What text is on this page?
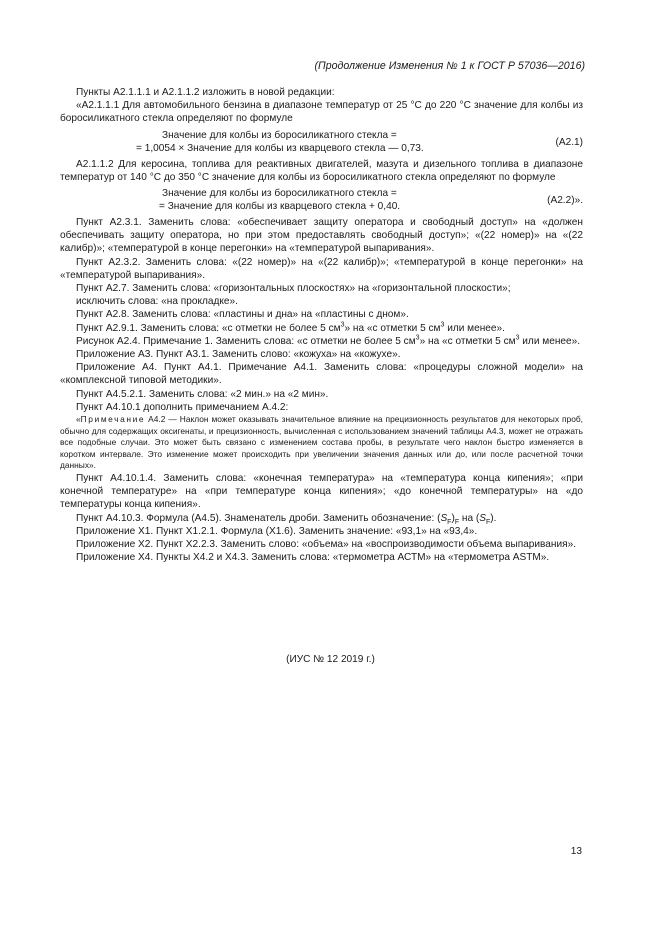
(Продолжение Изменения № 1 к ГОСТ Р 57036—2016)

Пункты А2.1.1.1 и А2.1.1.2 изложить в новой редакции:

«А2.1.1.1 Для автомобильного бензина в диапазоне температур от 25 °С до 220 °С значение для колбы из боросиликатного стекла определяют по формуле

Значение для колбы из боросиликатного стекла =
= 1,0054 × Значение для колбы из кварцевого стекла — 0,73.
(А2.1)

А2.1.1.2 Для керосина, топлива для реактивных двигателей, мазута и дизельного топлива в диапазоне температур от 140 °С до 350 °С значение для колбы из боросиликатного стекла определяют по формуле

Значение для колбы из боросиликатного стекла =
= Значение для колбы из кварцевого стекла + 0,40.
(А2.2)».

Пункт А2.3.1. Заменить слова: «обеспечивает защиту оператора и свободный доступ» на «должен обеспечивать защиту оператора, но при этом предоставлять свободный доступ»; «(22 номер)» на «(22 калибр)»; «температурой в конце перегонки» на «температурой выпаривания».

Пункт А2.3.2. Заменить слова: «(22 номер)» на «(22 калибр)»; «температурой в конце перегонки» на «температурой выпаривания».

Пункт А2.7. Заменить слова: «горизонтальных плоскостях» на «горизонтальной плоскости»;

исключить слова: «на прокладке».

Пункт А2.8. Заменить слова: «пластины и дна» на «пластины с дном».

Пункт А2.9.1. Заменить слова: «с отметки не более 5 $см^3$» на «с отметки 5 $см^3$ или менее».

Рисунок А2.4. Примечание 1. Заменить слова: «с отметки не более 5 $см^3$» на «с отметки 5 $см^3$ или менее».

Приложение А3. Пункт А3.1. Заменить слово: «кожуха» на «кожухе».

Приложение А4. Пункт А4.1. Примечание А4.1. Заменить слова: «процедуры сложной модели» на «комплексной типовой методики».

Пункт А4.5.2.1. Заменить слова: «2 мин.» на «2 мин».

Пункт А4.10.1 дополнить примечанием А.4.2:

«Примечание А4.2 — Наклон может оказывать значительное влияние на прецизионность результатов для некоторых проб, обычно для содержащих оксигенаты, и прецизионность, вычисленная с использованием значений таблицы А4.3, может не отражать все подобные случаи. Это может быть связано с изменением состава пробы, в результате чего наклон быстро изменяется в коротком интервале. Это изменение может происходить при увеличении значения данных или до, или после расчетной точки данных».

Пункт А4.10.1.4. Заменить слова: «конечная температура» на «температура конца кипения»; «при конечной температуре» на «при температуре конца кипения»; «до конечной температуры» на «до температуры конца кипения».

Пункт А4.10.3. Формула (А4.5). Знаменатель дроби. Заменить обозначение: $(S_F)_F$ на $(S_F)$.

Приложение Х1. Пункт Х1.2.1. Формула (Х1.6). Заменить значение: «93,1» на «93,4».

Приложение Х2. Пункт Х2.2.3. Заменить слово: «объема» на «воспроизводимости объема выпаривания».

Приложение Х4. Пункты Х4.2 и Х4.3. Заменить слова: «термометра АСТМ» на «термометра ASTM».

(ИУС № 12 2019 г.)
13
